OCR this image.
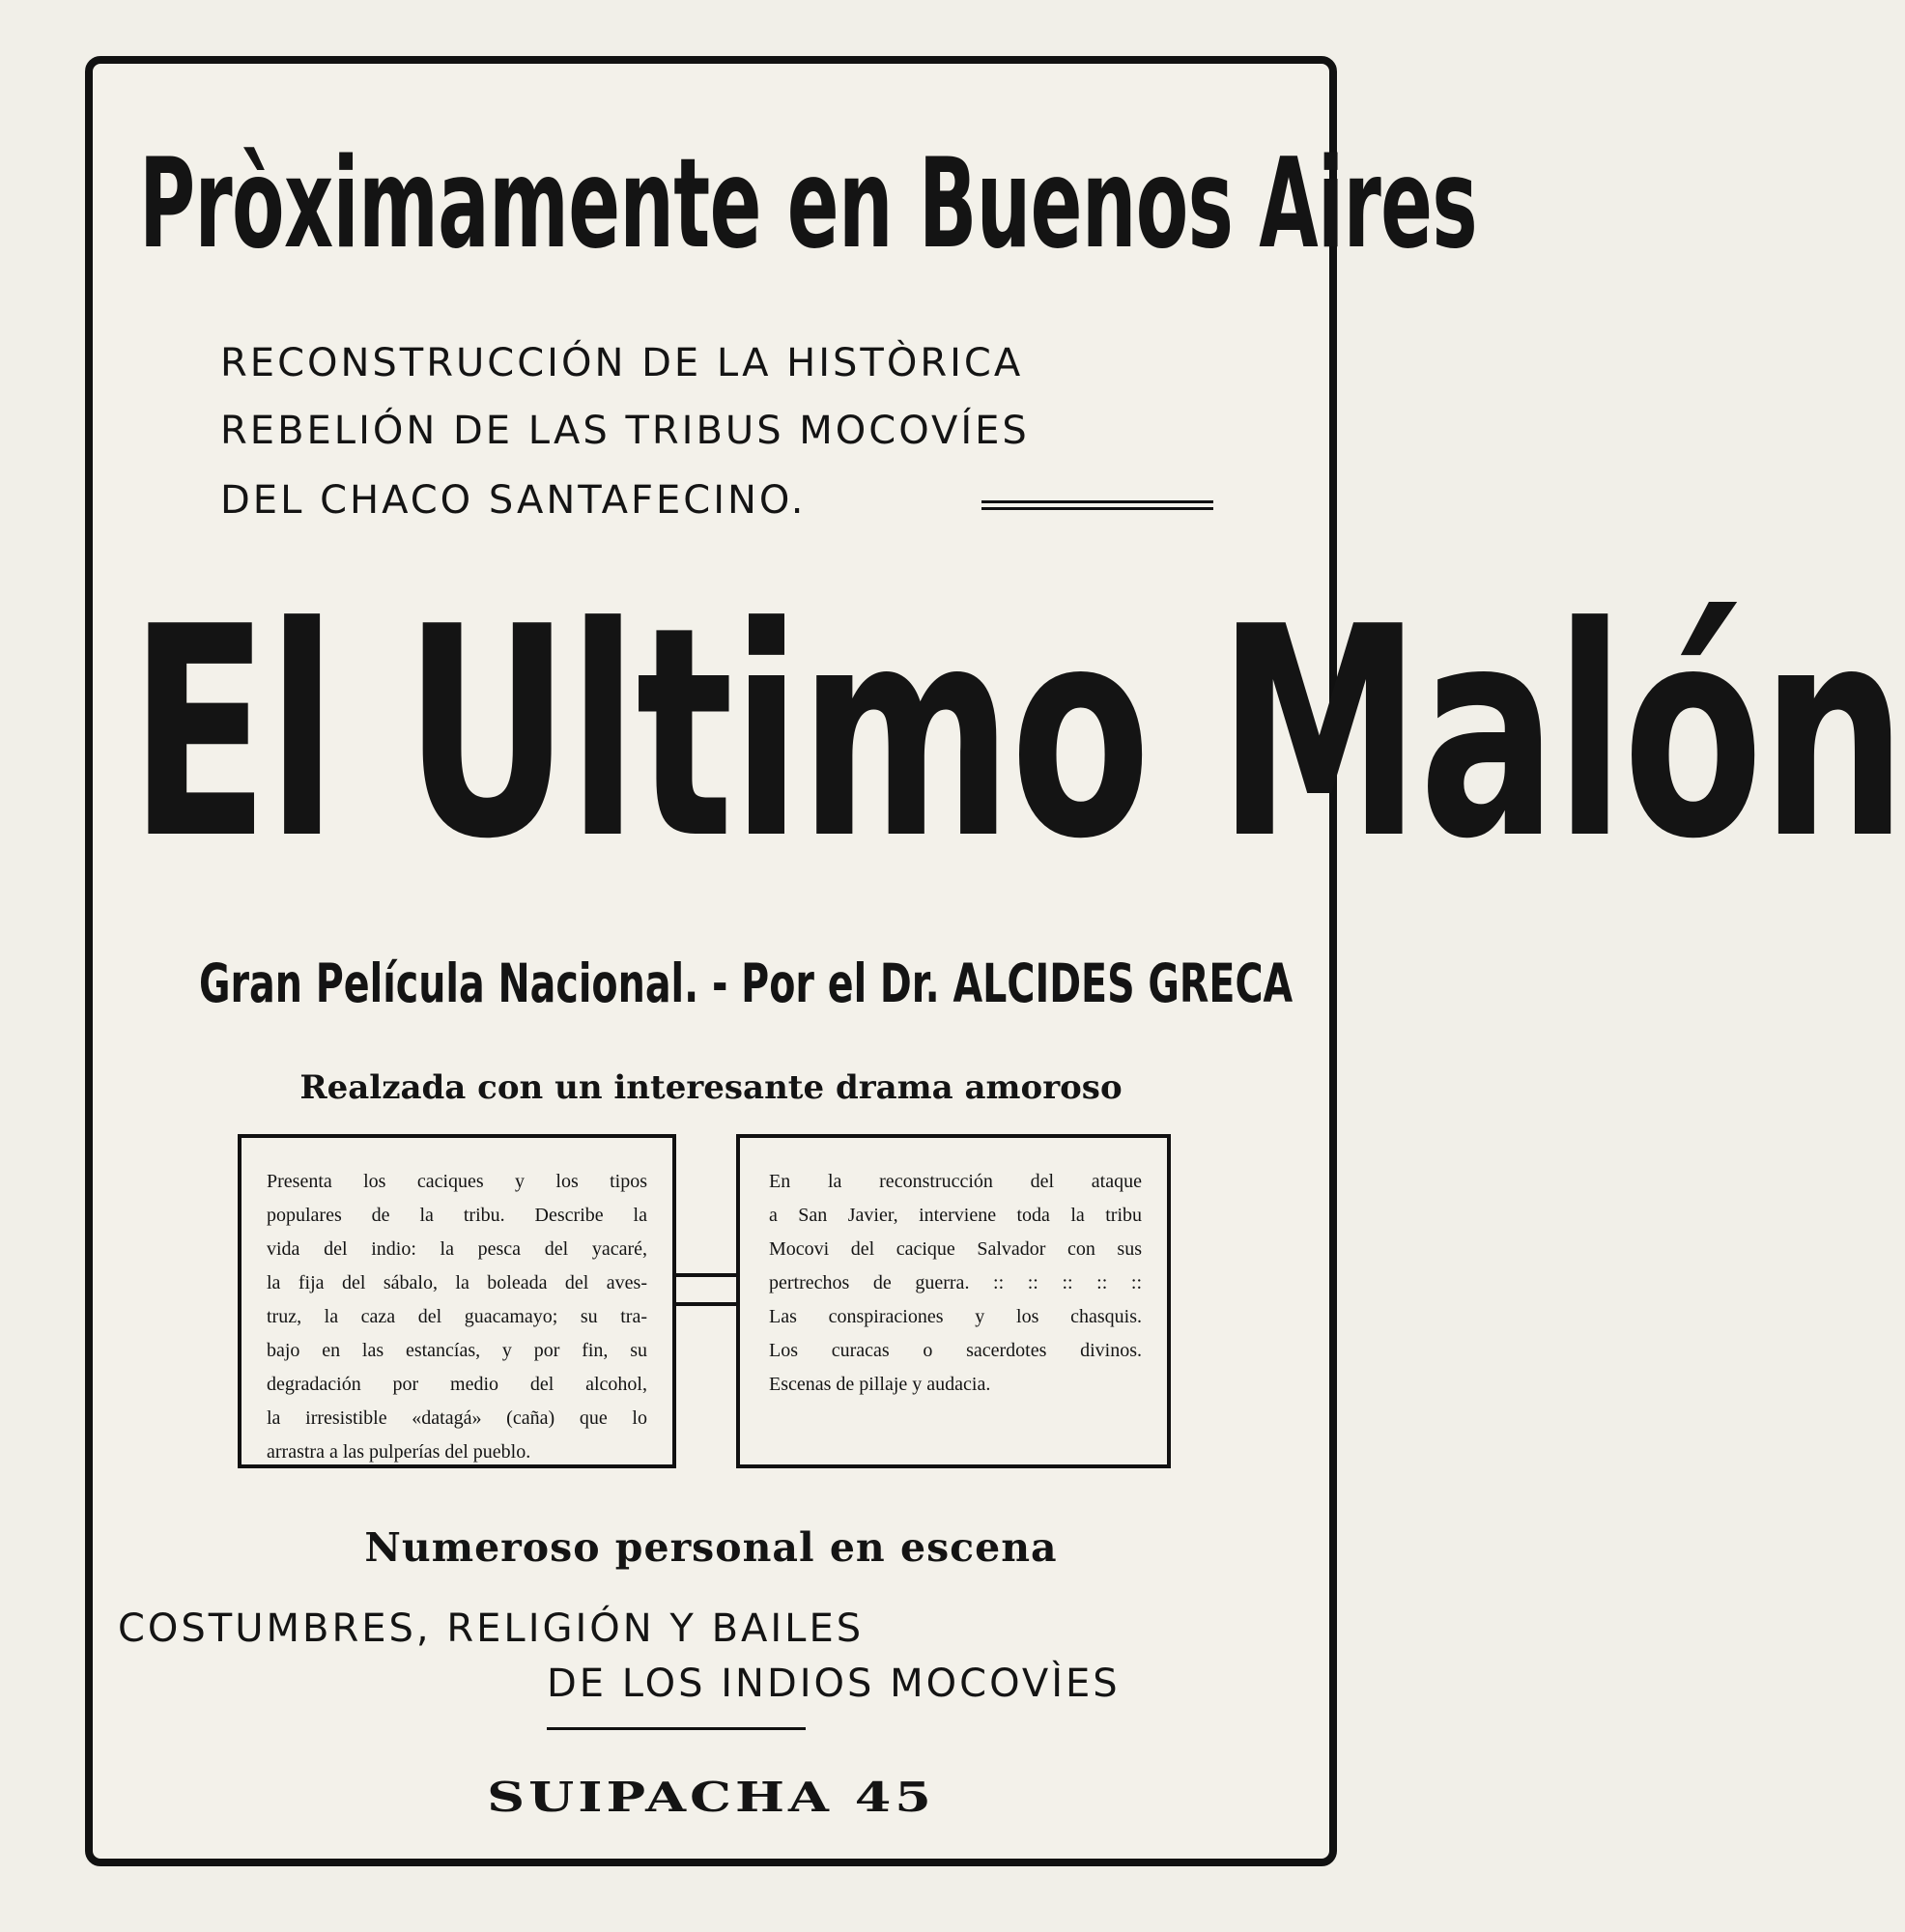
Pròximamente en Buenos Aires
RECONSTRUCCIÓN DE LA HISTÒRICA
REBELIÓN DE LAS TRIBUS MOCOVÍES
DEL CHACO SANTAFECINO.
El Ultimo Malón
Gran Película Nacional. - Por el Dr. ALCIDES GRECA
Realzada con un interesante drama amoroso
Presenta los caciques y los tipos
populares de la tribu. Describe la
vida del indio: la pesca del yacaré,
la fija del sábalo, la boleada del aves-
truz, la caza del guacamayo; su tra-
bajo en las estancías, y por fin, su
degradación por medio del alcohol,
la irresistible «datagá» (caña) que lo
arrastra a las pulperías del pueblo.
En la reconstrucción del ataque
a San Javier, interviene toda la tribu
Mocovi del cacique Salvador con sus
pertrechos de guerra. :: :: :: :: ::
Las conspiraciones y los chasquis.
Los curacas o sacerdotes divinos.
Escenas de pillaje y audacia.
Numeroso personal en escena
COSTUMBRES, RELIGIÓN Y BAILES
DE LOS INDIOS MOCOVÌES
SUIPACHA 45
